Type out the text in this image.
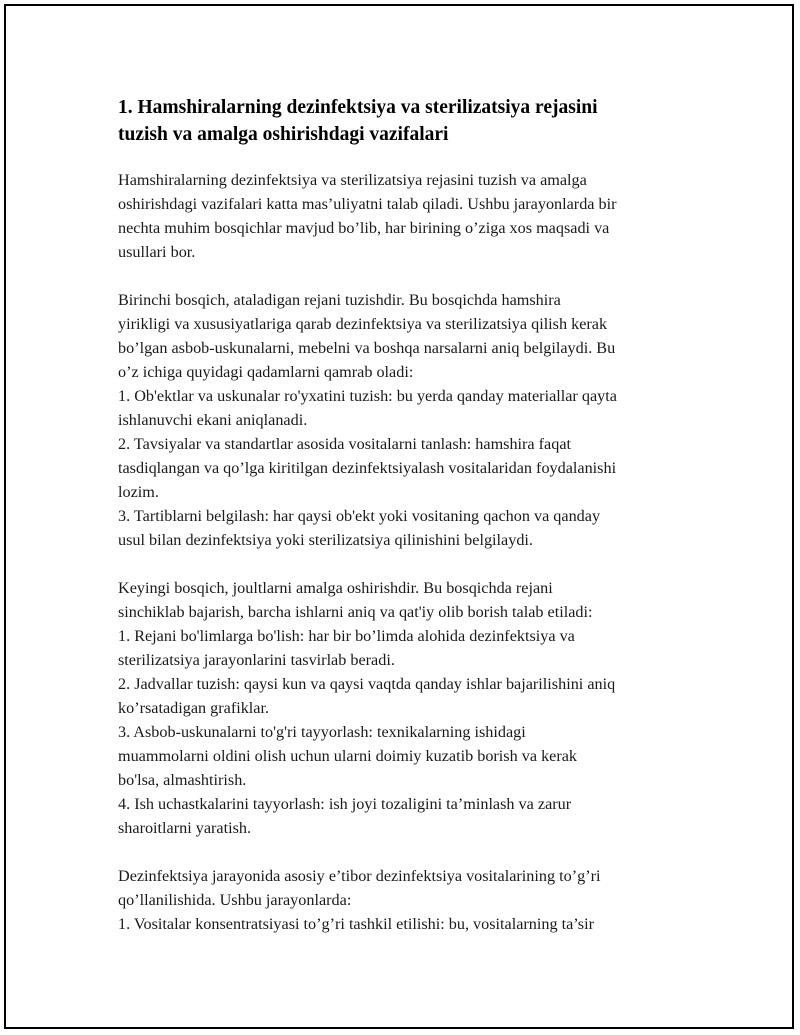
1. Hamshiralarning dezinfektsiya va sterilizatsiya rejasini
tuzish va amalga oshirishdagi vazifalari
Hamshiralarning dezinfektsiya va sterilizatsiya rejasini tuzish va amalga
oshirishdagi vazifalari katta mas’uliyatni talab qiladi. Ushbu jarayonlarda bir
nechta muhim bosqichlar mavjud bo’lib, har birining o’ziga xos maqsadi va
usullari bor.
Birinchi bosqich, ataladigan rejani tuzishdir. Bu bosqichda hamshira
yirikligi va xususiyatlariga qarab dezinfektsiya va sterilizatsiya qilish kerak
bo’lgan asbob-uskunalarni, mebelni va boshqa narsalarni aniq belgilaydi. Bu
o’z ichiga quyidagi qadamlarni qamrab oladi:
1. Ob'ektlar va uskunalar ro'yxatini tuzish: bu yerda qanday materiallar qayta
ishlanuvchi ekani aniqlanadi.
2. Tavsiyalar va standartlar asosida vositalarni tanlash: hamshira faqat
tasdiqlangan va qo’lga kiritilgan dezinfektsiyalash vositalaridan foydalanishi
lozim.
3. Tartiblarni belgilash: har qaysi ob'ekt yoki vositaning qachon va qanday
usul bilan dezinfektsiya yoki sterilizatsiya qilinishini belgilaydi.
Keyingi bosqich, joultlarni amalga oshirishdir. Bu bosqichda rejani
sinchiklab bajarish, barcha ishlarni aniq va qat'iy olib borish talab etiladi:
1. Rejani bo'limlarga bo'lish: har bir bo’limda alohida dezinfektsiya va
sterilizatsiya jarayonlarini tasvirlab beradi.
2. Jadvallar tuzish: qaysi kun va qaysi vaqtda qanday ishlar bajarilishini aniq
ko’rsatadigan grafiklar.
3. Asbob-uskunalarni to'g'ri tayyorlash: texnikalarning ishidagi
muammolarni oldini olish uchun ularni doimiy kuzatib borish va kerak
bo'lsa, almashtirish.
4. Ish uchastkalarini tayyorlash: ish joyi tozaligini ta’minlash va zarur
sharoitlarni yaratish.
Dezinfektsiya jarayonida asosiy e’tibor dezinfektsiya vositalarining to’g’ri
qo’llanilishida. Ushbu jarayonlarda:
1. Vositalar konsentratsiyasi to’g’ri tashkil etilishi: bu, vositalarning ta’sir
